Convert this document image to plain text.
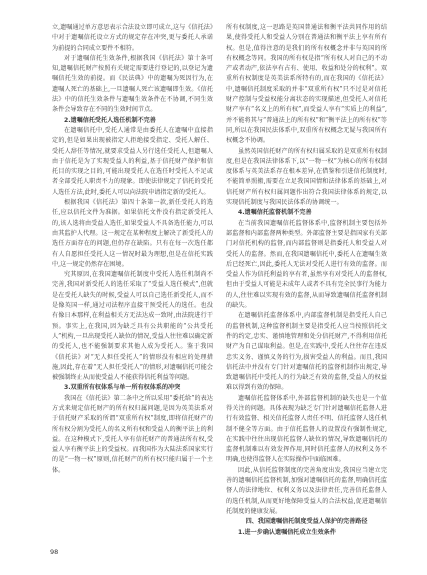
立,遗嘱通过单方意思表示合法设立即可成立,这与《信托法》中对于遗嘱信托设立方式的规定存在冲突,更与委托人承诺为前提的合同成立要件不相符。

对于遗嘱信托生效条件,根据我国《信托法》第十条可知,遗嘱信托财产按照有关规定需要进行登记的,以登记为遗嘱信托生效的前提。而《民法典》中的遗嘱为死因行为,在遗嘱人死亡的基础上,一旦遗嘱人死亡该遗嘱即生效。《信托法》中的信托生效条件与遗嘱生效条件在不协调,不同生效条件会导致存在不同的生效时间节点。

2.遗嘱信托受托人选任机制不完善

在遗嘱信托中,受托人通常是由委托人在遗嘱中直接指定的,但是如果出现被指定人拒绝接受指定、受托人解任、受托人辞任等情况,就要求受益人另行选任受托人,但遗嘱人由于信托是为了实现受益人的利益,基于信托财产保护和信托目的实现之目的,可能出现受托人在选任时受托人不足或者全部受托人职责不力的现象。即使法律规定了信托的受托人选任方法,此时,委托人可以向法院申请指定新的受托人。

根据我国《信托法》第四十条第一款,新任受托人的选任,应以信托文件为准据。如果信托文件没有指定新受托人的,该人选将由受益人选任,如果受益人不具备选任能力,可以由其监护人代理。这一规定在某种程度上解决了新受托人的选任方面存在的问题,但仍存在缺陷。只有在每一次选任都有人自愿担任受托人这一情况时最为理想,但是在信托实践中,这一规定仍然存在困境。

究其原因,在我国遗嘱信托制度中受托人选任机制尚不完善,我国对新受托人的选任采取了“受益人选任模式”,但就是在受托人缺失的时候,受益人可以自己选任新受托人,而不是像英国一样,通过司法程序直接干预受托人的选任。也没有像日本那样,在利益相关方无法达成一致时,由法院进行干预。事实上,在我国,因为缺乏具有公共职能的“公共受托人”机构,一旦出现受托人缺位的情况,受益人往往难以确定新的受托人,也不能强制要求其他人成为受托人。鉴于我国《信托法》对“无人担任受托人”的情形没有相应的处理措施,因此,存在着“无人担任受托人”的情形,对遗嘱信托可能会被强制终止从而使受益人不能获得信托利益等问题。

3.双重所有权体系与单一所有权体系的冲突

我国在《信托法》第二条中之所以采用“委托给”的表达方式来规定信托财产的所有权归属问题,是因为英美法系对于信托财产采取的所谓“双重所有权”制度,即将信托财产的所有权分割为受托人的名义所有权和受益人的衡平法上的利益。在这种模式下,受托人享有信托财产的普通法所有权,受益人享有衡平法上的受益权。而我国作为大陆法系国家实行的是“一物一权”原则,信托财产的所有权只能归属于一个主体。

所有权制度,这一思路是英国普通法和衡平法共同作用的结果,使得受托人和受益人分别在普通法和衡平法上享有所有权。但是,值得注意的是我们的所有权概念并非与英国的所有权概念等同。我国的所有权是指“所有权人对自己的不动产或者动产,依法享有占有、使用、收益和处分的权利”。双重所有权制度是英美法系所特有的,而在我国的《信托法》中,遗嘱信托制度采取的并非“双重所有权”只不过是对信托财产控制与受益权能分离状态的实现描述,但受托人对信托财产享有“名义上的所有权”,而受益人享有“实质上的利益”,并不能将其与“普通法上的所有权”和“衡平法上的所有权”等同,所以在我国民法体系中,双重所有权概念无疑与我国所有权概念不协调。

虽然英国信托财产的所有权归属采取的是双重所有权制度,但是在我国法律体系下,以“一物一权”为核心的所有权制度体系与英美法系存在根本差异,在借鉴和引进信托制度时,不能简单照搬,需要在立足我国国情和法律体系的基础上,对信托财产所有权归属问题作出符合我国法律体系的规定,以实现信托制度与我国民法体系的协调统一。

4.遗嘱信托监督机制不完善

在当前我国遗嘱信托监督体系中,监督机制主要包括外部监督和内部监督两种类型。外部监督主要是指国家有关部门对信托机构的监督,而内部监督则是指委托人和受益人对受托人的监督。然而,在我国遗嘱信托中,委托人在遗嘱生效后已经死亡,因此,委托人无法对受托人进行有效的监督。而受益人作为信托利益的享有者,虽然享有对受托人的监督权,但由于受益人可能是未成年人或者不具有完全民事行为能力的人,往往难以实现有效的监督,从而导致遗嘱信托监督机制的缺失。

在遗嘱信托监督体系中,内部监督机制是指受托人自己的监督机制,这种监督机制主要是指受托人应当按照信托文件的约定,忠实、谨慎地管理和处分信托财产,不得利用信托财产为自己谋取利益。但是,在实践中,受托人往往存在违反忠实义务、谨慎义务的行为,损害受益人的利益。而且,我国信托法中并没有专门针对遗嘱信托的监督机制作出规定,导致遗嘱信托中受托人的行为缺乏有效的监督,受益人的权益难以得到有效的保障。

遗嘱信托监督体系中,外部监督机制的缺失也是一个值得关注的问题。具体表现为缺乏专门针对遗嘱信托监督人进行有效监督、相关信托监督人责任不明、信托监督人选任机制不健全等方面。由于信托监督人的设置没有强制性规定,在实践中往往出现信托监督人缺位的情况,导致遗嘱信托的监督机制难以有效发挥作用,同时信托监督人的权利义务不明确,也使得监督人在实际操作中面临困难。

因此,从信托监督制度的完善角度出发,我国应当建立完善的遗嘱信托监督机制,加强对遗嘱信托的监督,明确信托监督人的法律地位、权利义务以及法律责任,完善信托监督人的选任机制,从而更好地保障受益人的合法权益,促进遗嘱信托制度的健康发展。

四、我国遗嘱信托制度受益人保护的完善路径
1.进一步确认遗嘱信托成立生效条件
98
